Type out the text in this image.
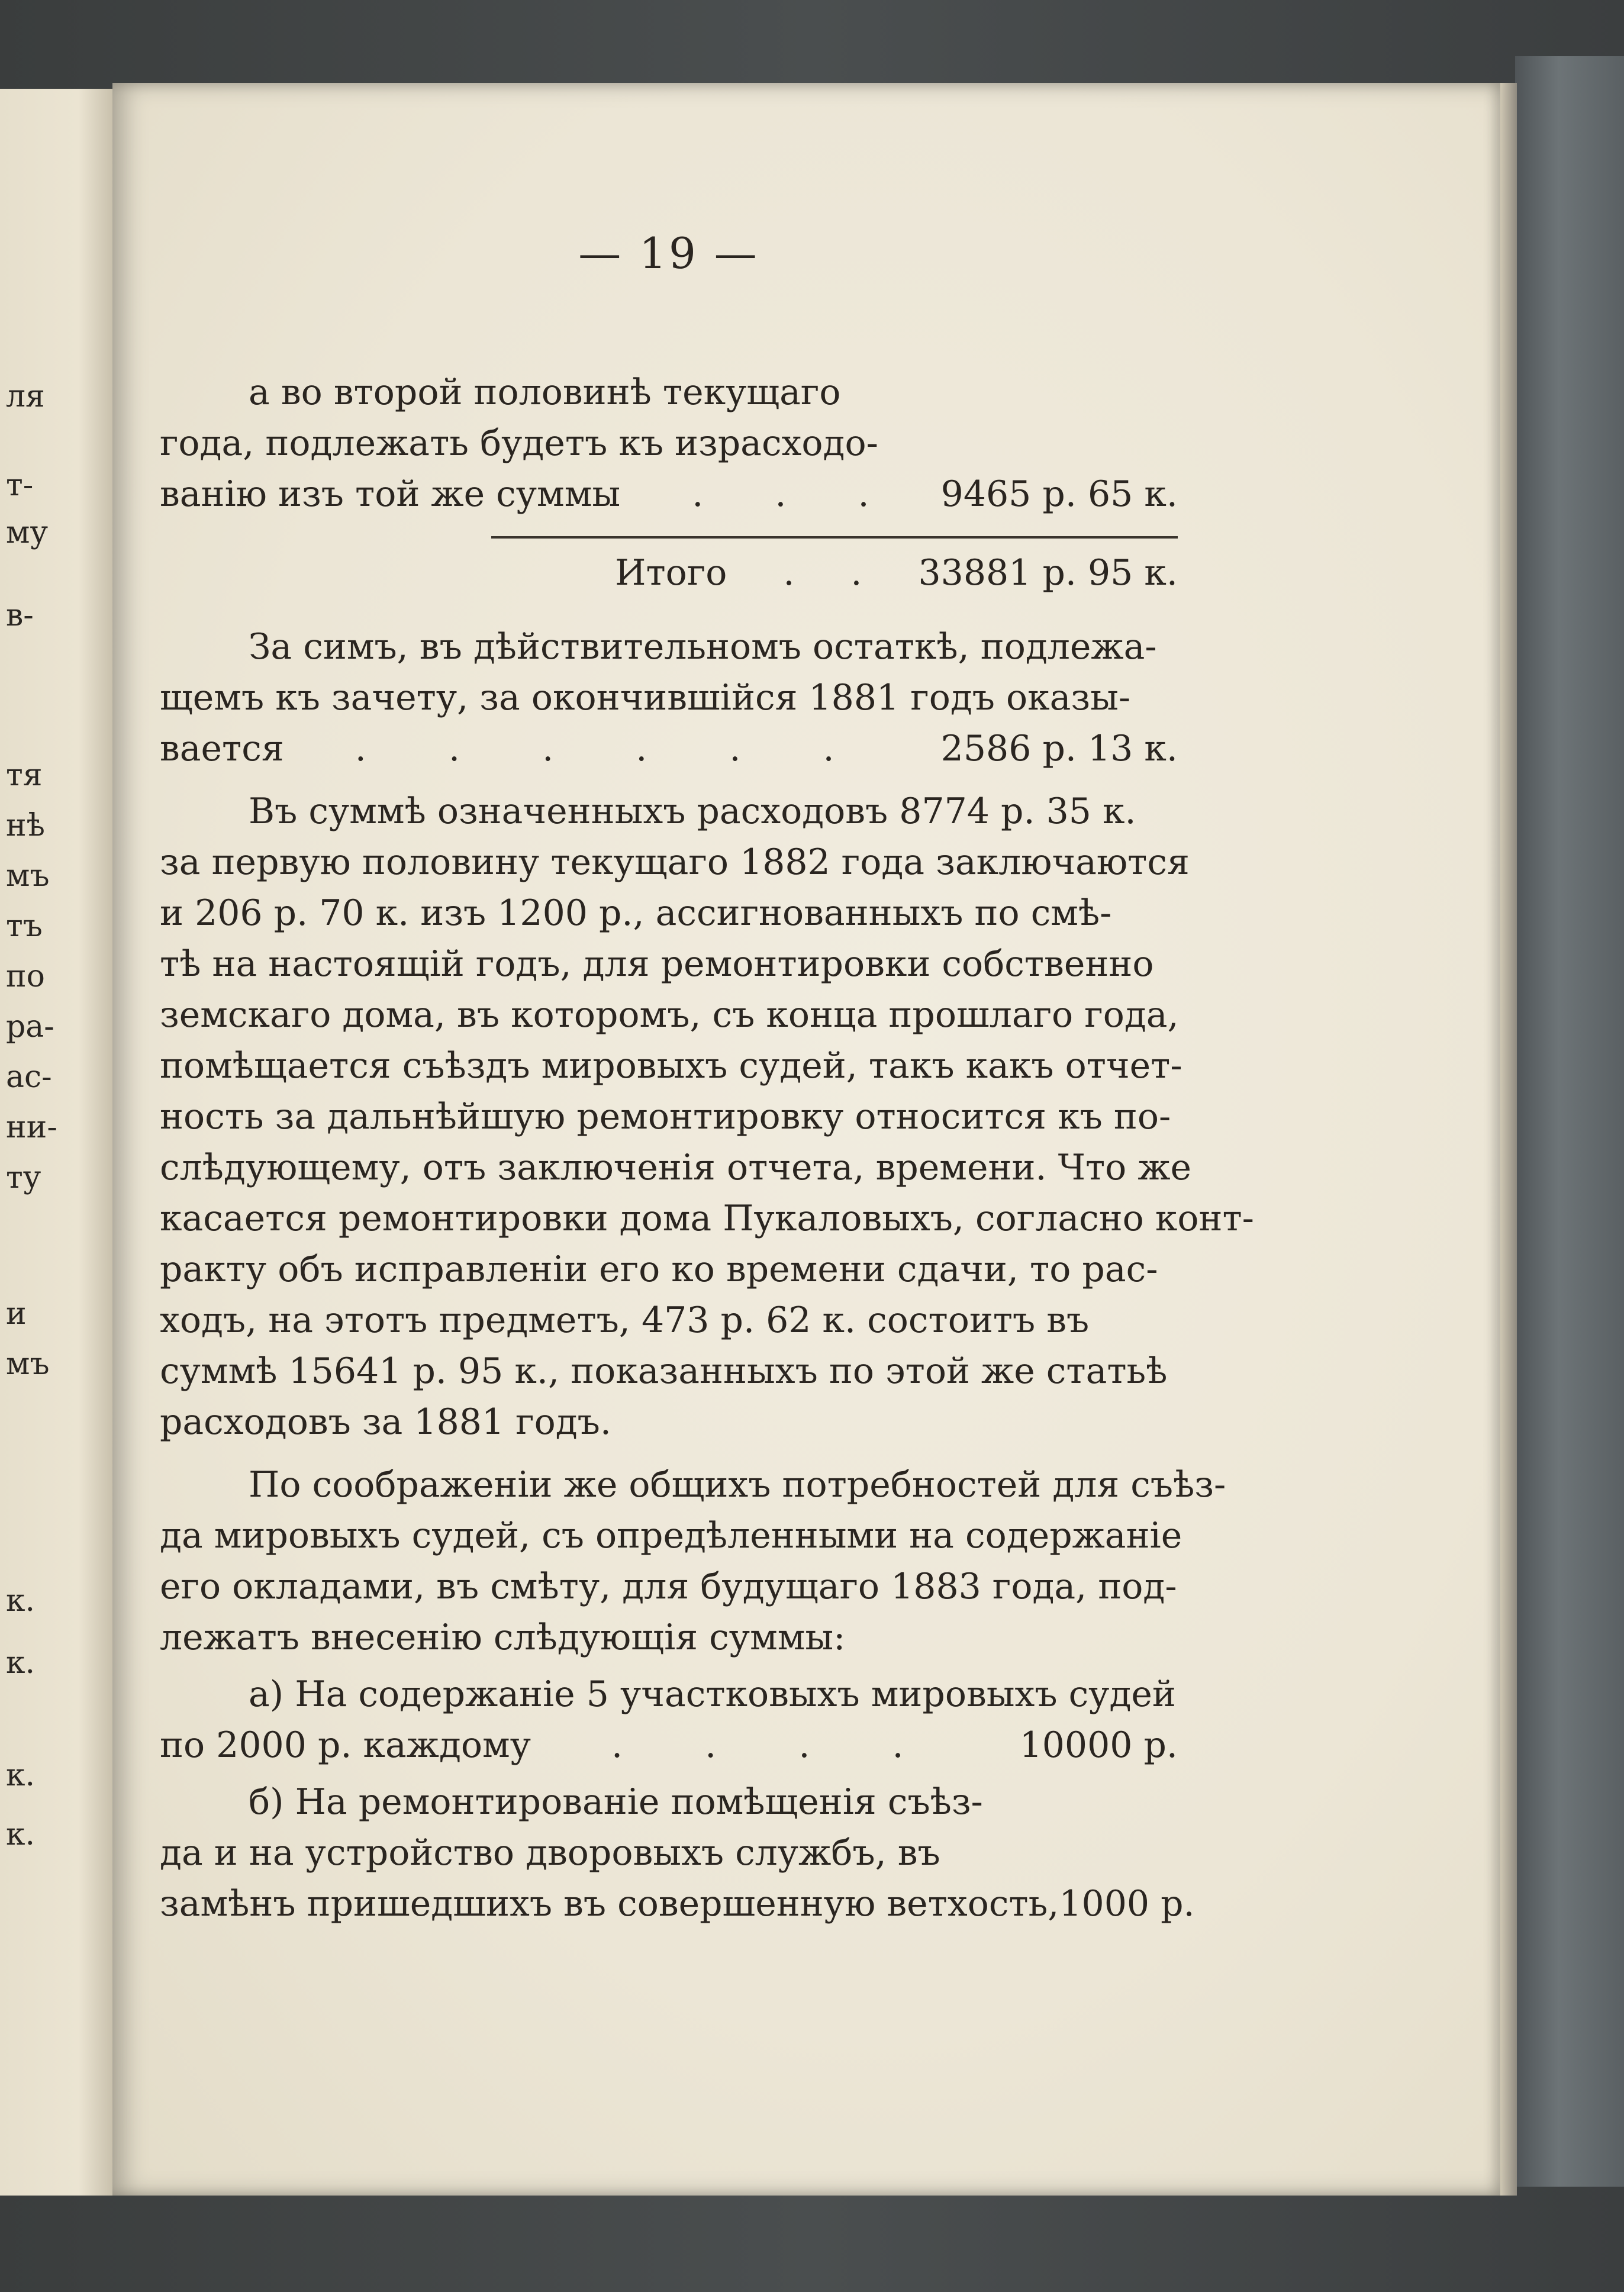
ля
т-
му
в-
тя
нѣ
мъ
тъ
по
ра-
ас-
ни-
ту
и
мъ
к.
к.
к.
к.
— 19 —
а во второй половинѣ текущаго
года, подлежать будетъ къ израсходо-
ванію изъ той же суммы . . . 9465 р. 65 к.
Итого . . 33881 р. 95 к.
За симъ, въ дѣйствительномъ остаткѣ, подлежа-
щемъ къ зачету, за окончившійся 1881 годъ оказы-
вается . . . . . . 2586 р. 13 к.
Въ суммѣ означенныхъ расходовъ 8774 р. 35 к.
за первую половину текущаго 1882 года заключаются
и 206 р. 70 к. изъ 1200 р., ассигнованныхъ по смѣ-
тѣ на настоящій годъ, для ремонтировки собственно
земскаго дома, въ которомъ, съ конца прошлаго года,
помѣщается съѣздъ мировыхъ судей, такъ какъ отчет-
ность за дальнѣйшую ремонтировку относится къ по-
слѣдующему, отъ заключенія отчета, времени. Что же
касается ремонтировки дома Пукаловыхъ, согласно конт-
ракту объ исправленіи его ко времени сдачи, то рас-
ходъ, на этотъ предметъ, 473 р. 62 к. состоитъ въ
суммѣ 15641 р. 95 к., показанныхъ по этой же статьѣ
расходовъ за 1881 годъ.
По соображеніи же общихъ потребностей для съѣз-
да мировыхъ судей, съ опредѣленными на содержаніе
его окладами, въ смѣту, для будущаго 1883 года, под-
лежатъ внесенію слѣдующія суммы:
а) На содержаніе 5 участковыхъ мировыхъ судей
по 2000 р. каждому . . . . 10000 р.
б) На ремонтированіе помѣщенія съѣз-
да и на устройство дворовыхъ службъ, въ
замѣнъ пришедшихъ въ совершенную ветхость, 1000 р.
